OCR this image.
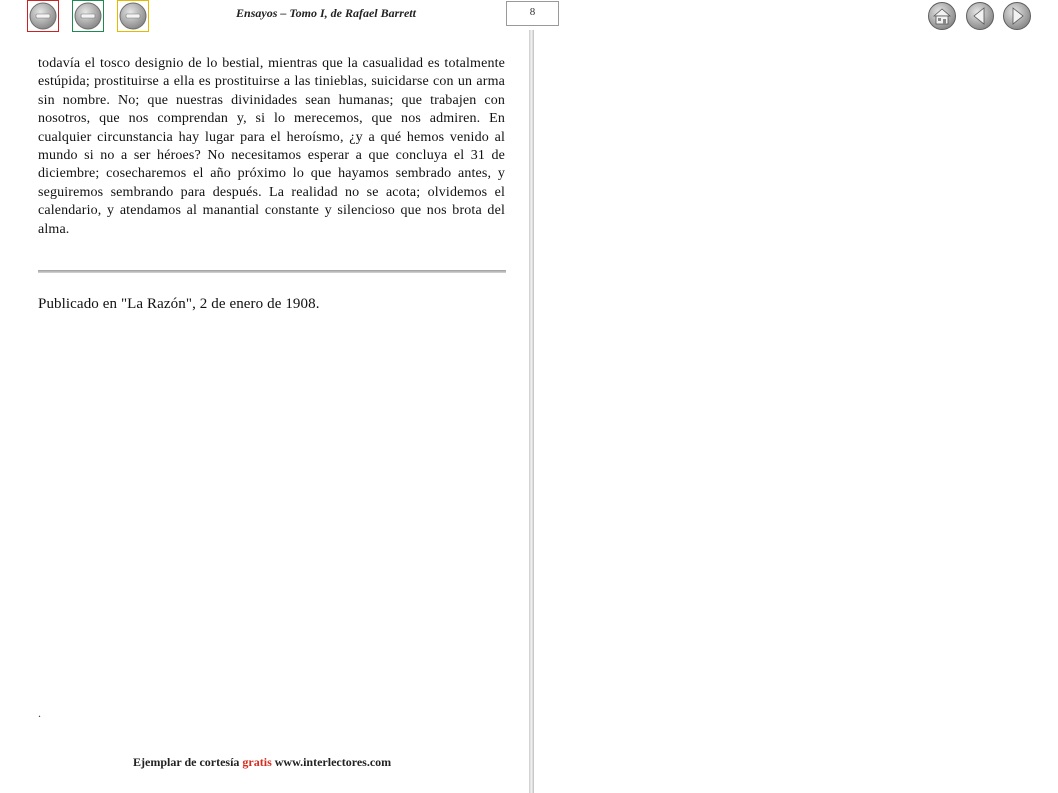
Ensayos – Tomo I, de Rafael Barrett	8

todavía el tosco designio de lo bestial, mientras que la casualidad es totalmente estúpida; prostituirse a ella es prostituirse a las tinieblas, suicidarse con un arma sin nombre. No; que nuestras divinidades sean humanas; que trabajen con nosotros, que nos comprendan y, si lo merecemos, que nos admiren. En cualquier circunstancia hay lugar para el heroísmo, ¿y a qué hemos venido al mundo si no a ser héroes? No necesitamos esperar a que concluya el 31 de diciembre; cosecharemos el año próximo lo que hayamos sembrado antes, y seguiremos sembrando para después. La realidad no se acota; olvidemos el calendario, y atendamos al manantial constante y silencioso que nos brota del alma.

Publicado en "La Razón", 2 de enero de 1908.
.
Ejemplar de cortesía gratis www.interlectores.com
